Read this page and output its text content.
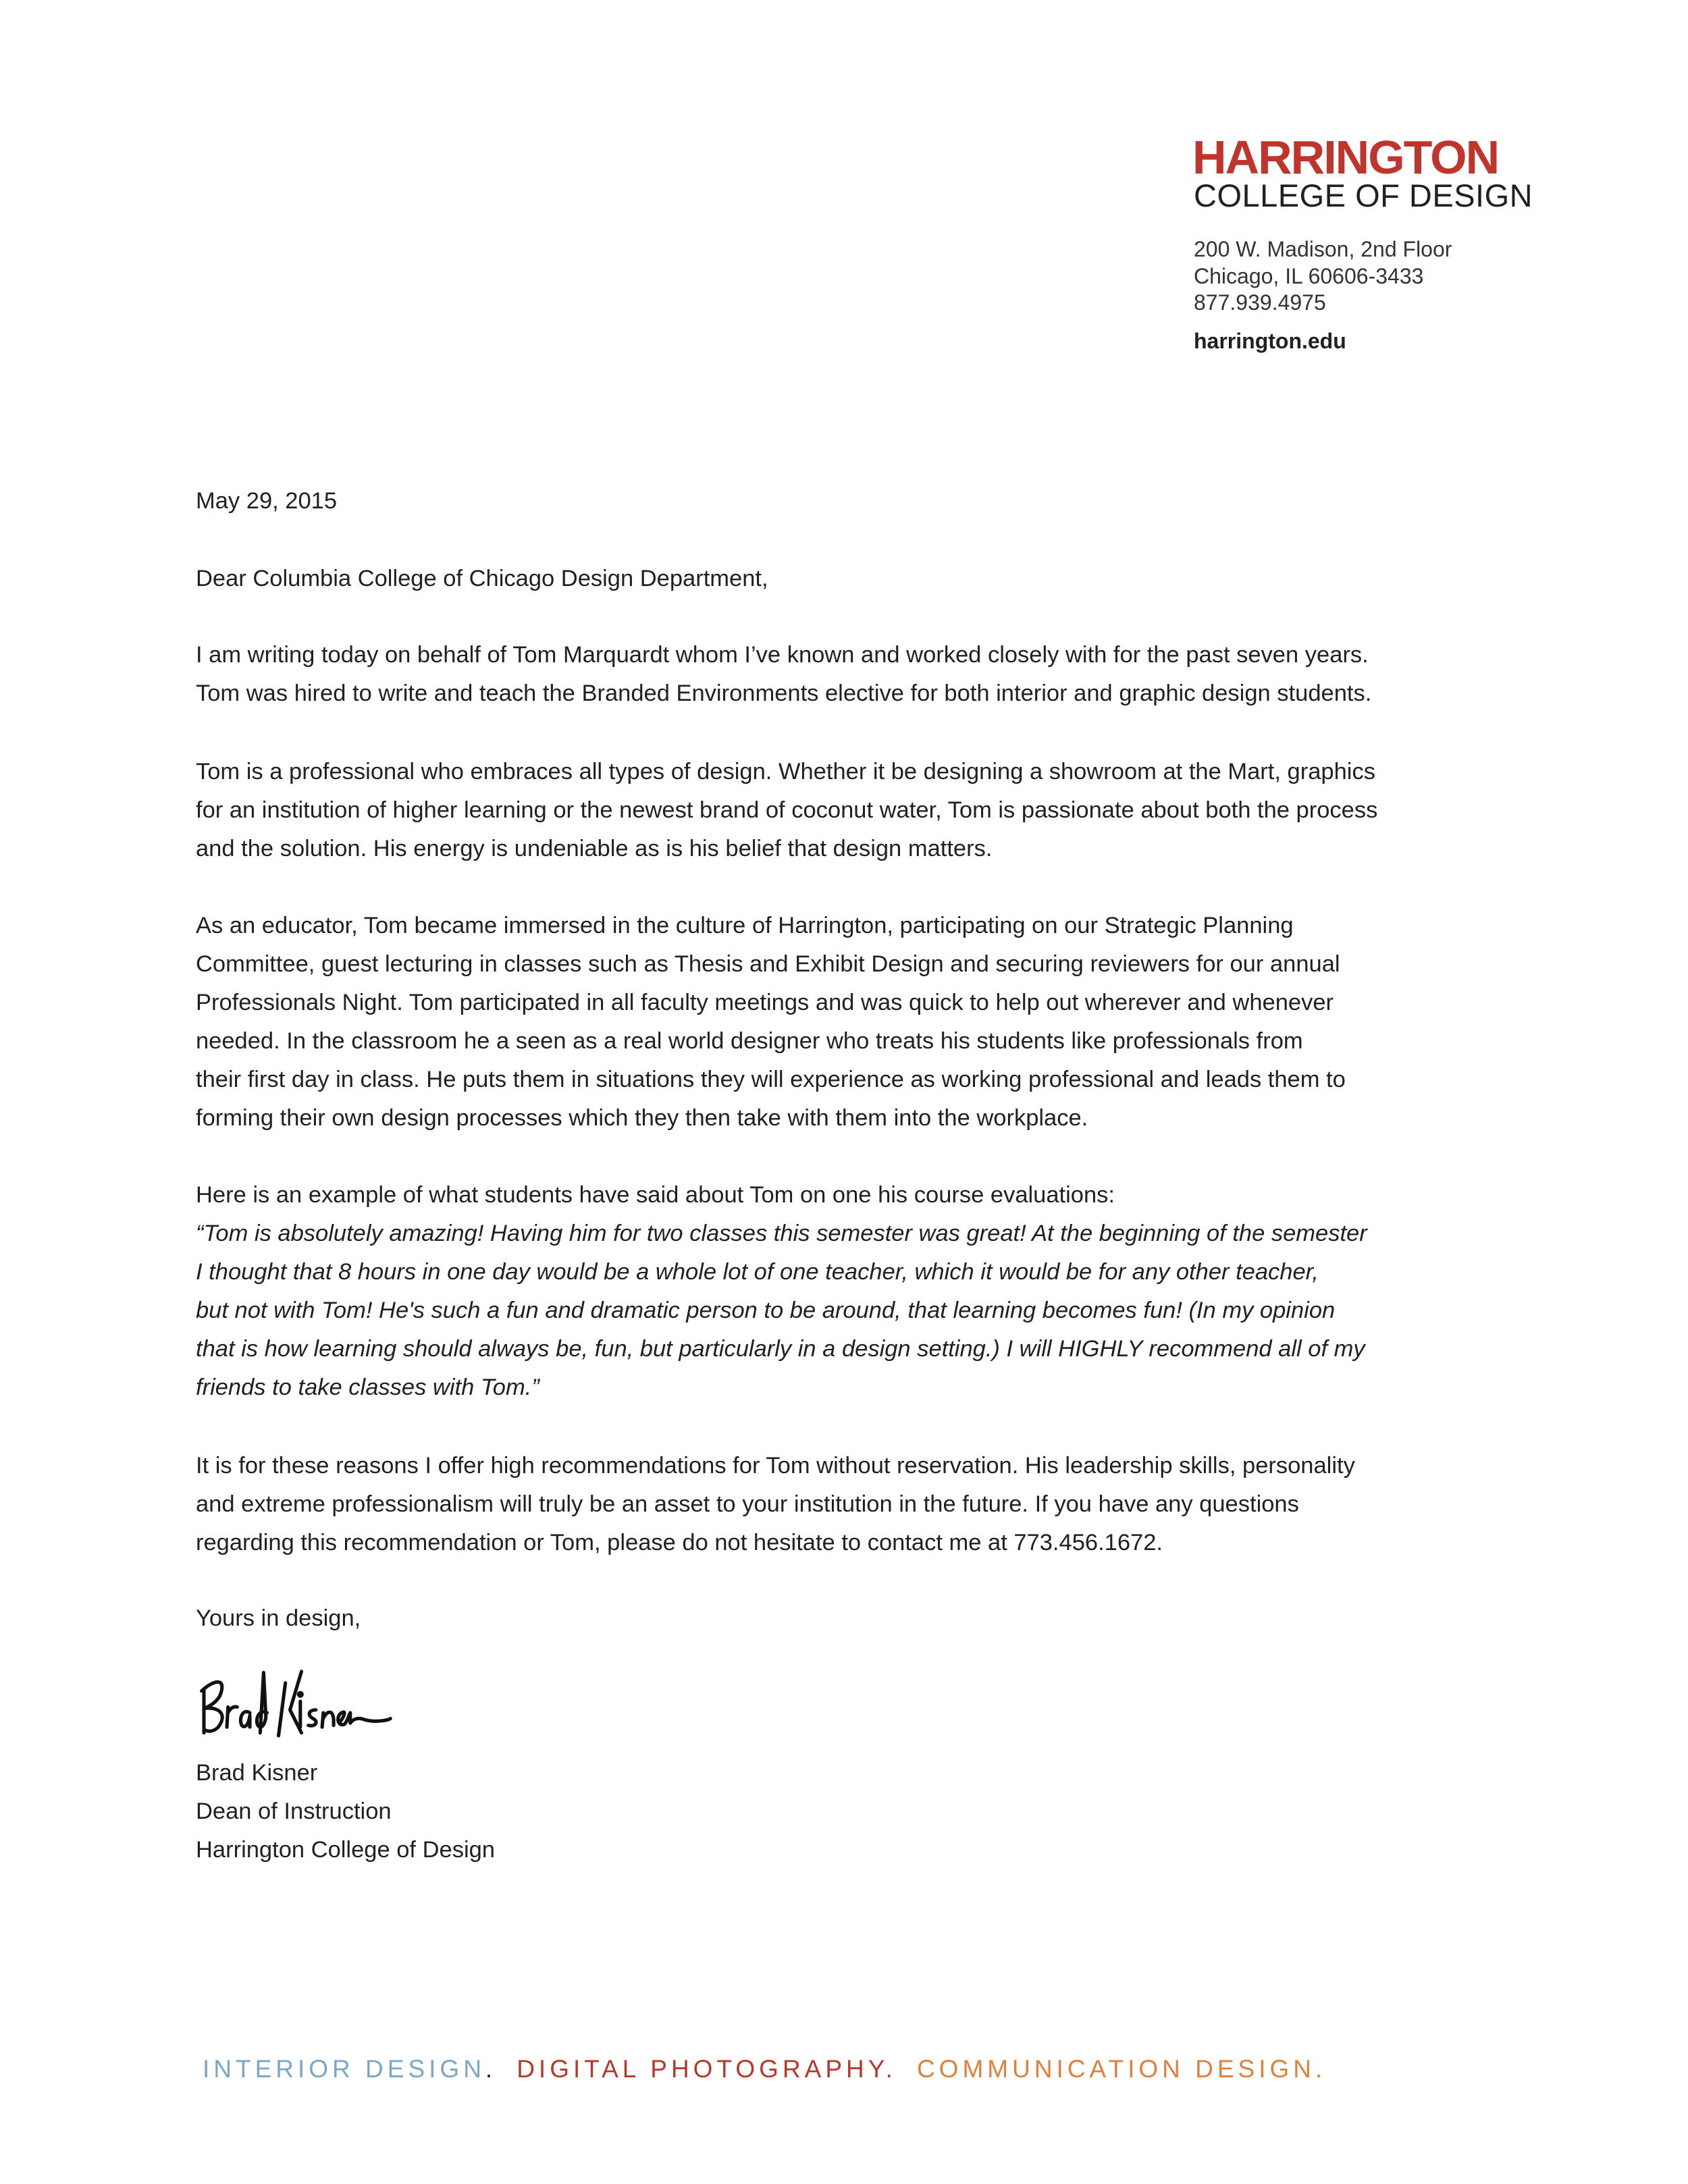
HARRINGTON
COLLEGE OF DESIGN
200 W. Madison, 2nd Floor
Chicago, IL 60606-3433
877.939.4975
harrington.edu
May 29, 2015
Dear Columbia College of Chicago Design Department,
I am writing today on behalf of Tom Marquardt whom I’ve known and worked closely with for the past seven years.
Tom was hired to write and teach the Branded Environments elective for both interior and graphic design students.
Tom is a professional who embraces all types of design. Whether it be designing a showroom at the Mart, graphics
for an institution of higher learning or the newest brand of coconut water, Tom is passionate about both the process
and the solution. His energy is undeniable as is his belief that design matters.
As an educator, Tom became immersed in the culture of Harrington, participating on our Strategic Planning
Committee, guest lecturing in classes such as Thesis and Exhibit Design and securing reviewers for our annual
Professionals Night. Tom participated in all faculty meetings and was quick to help out wherever and whenever
needed. In the classroom he a seen as a real world designer who treats his students like professionals from
their first day in class. He puts them in situations they will experience as working professional and leads them to
forming their own design processes which they then take with them into the workplace.
Here is an example of what students have said about Tom on one his course evaluations:
“Tom is absolutely amazing! Having him for two classes this semester was great! At the beginning of the semester
I thought that 8 hours in one day would be a whole lot of one teacher, which it would be for any other teacher,
but not with Tom! He's such a fun and dramatic person to be around, that learning becomes fun! (In my opinion
that is how learning should always be, fun, but particularly in a design setting.) I will HIGHLY recommend all of my
friends to take classes with Tom.”
It is for these reasons I offer high recommendations for Tom without reservation. His leadership skills, personality
and extreme professionalism will truly be an asset to your institution in the future. If you have any questions
regarding this recommendation or Tom, please do not hesitate to contact me at 773.456.1672.
Yours in design,
Brad Kisner
Dean of Instruction
Harrington College of Design
INTERIOR DESIGN . DIGITAL PHOTOGRAPHY. COMMUNICATION DESIGN.
